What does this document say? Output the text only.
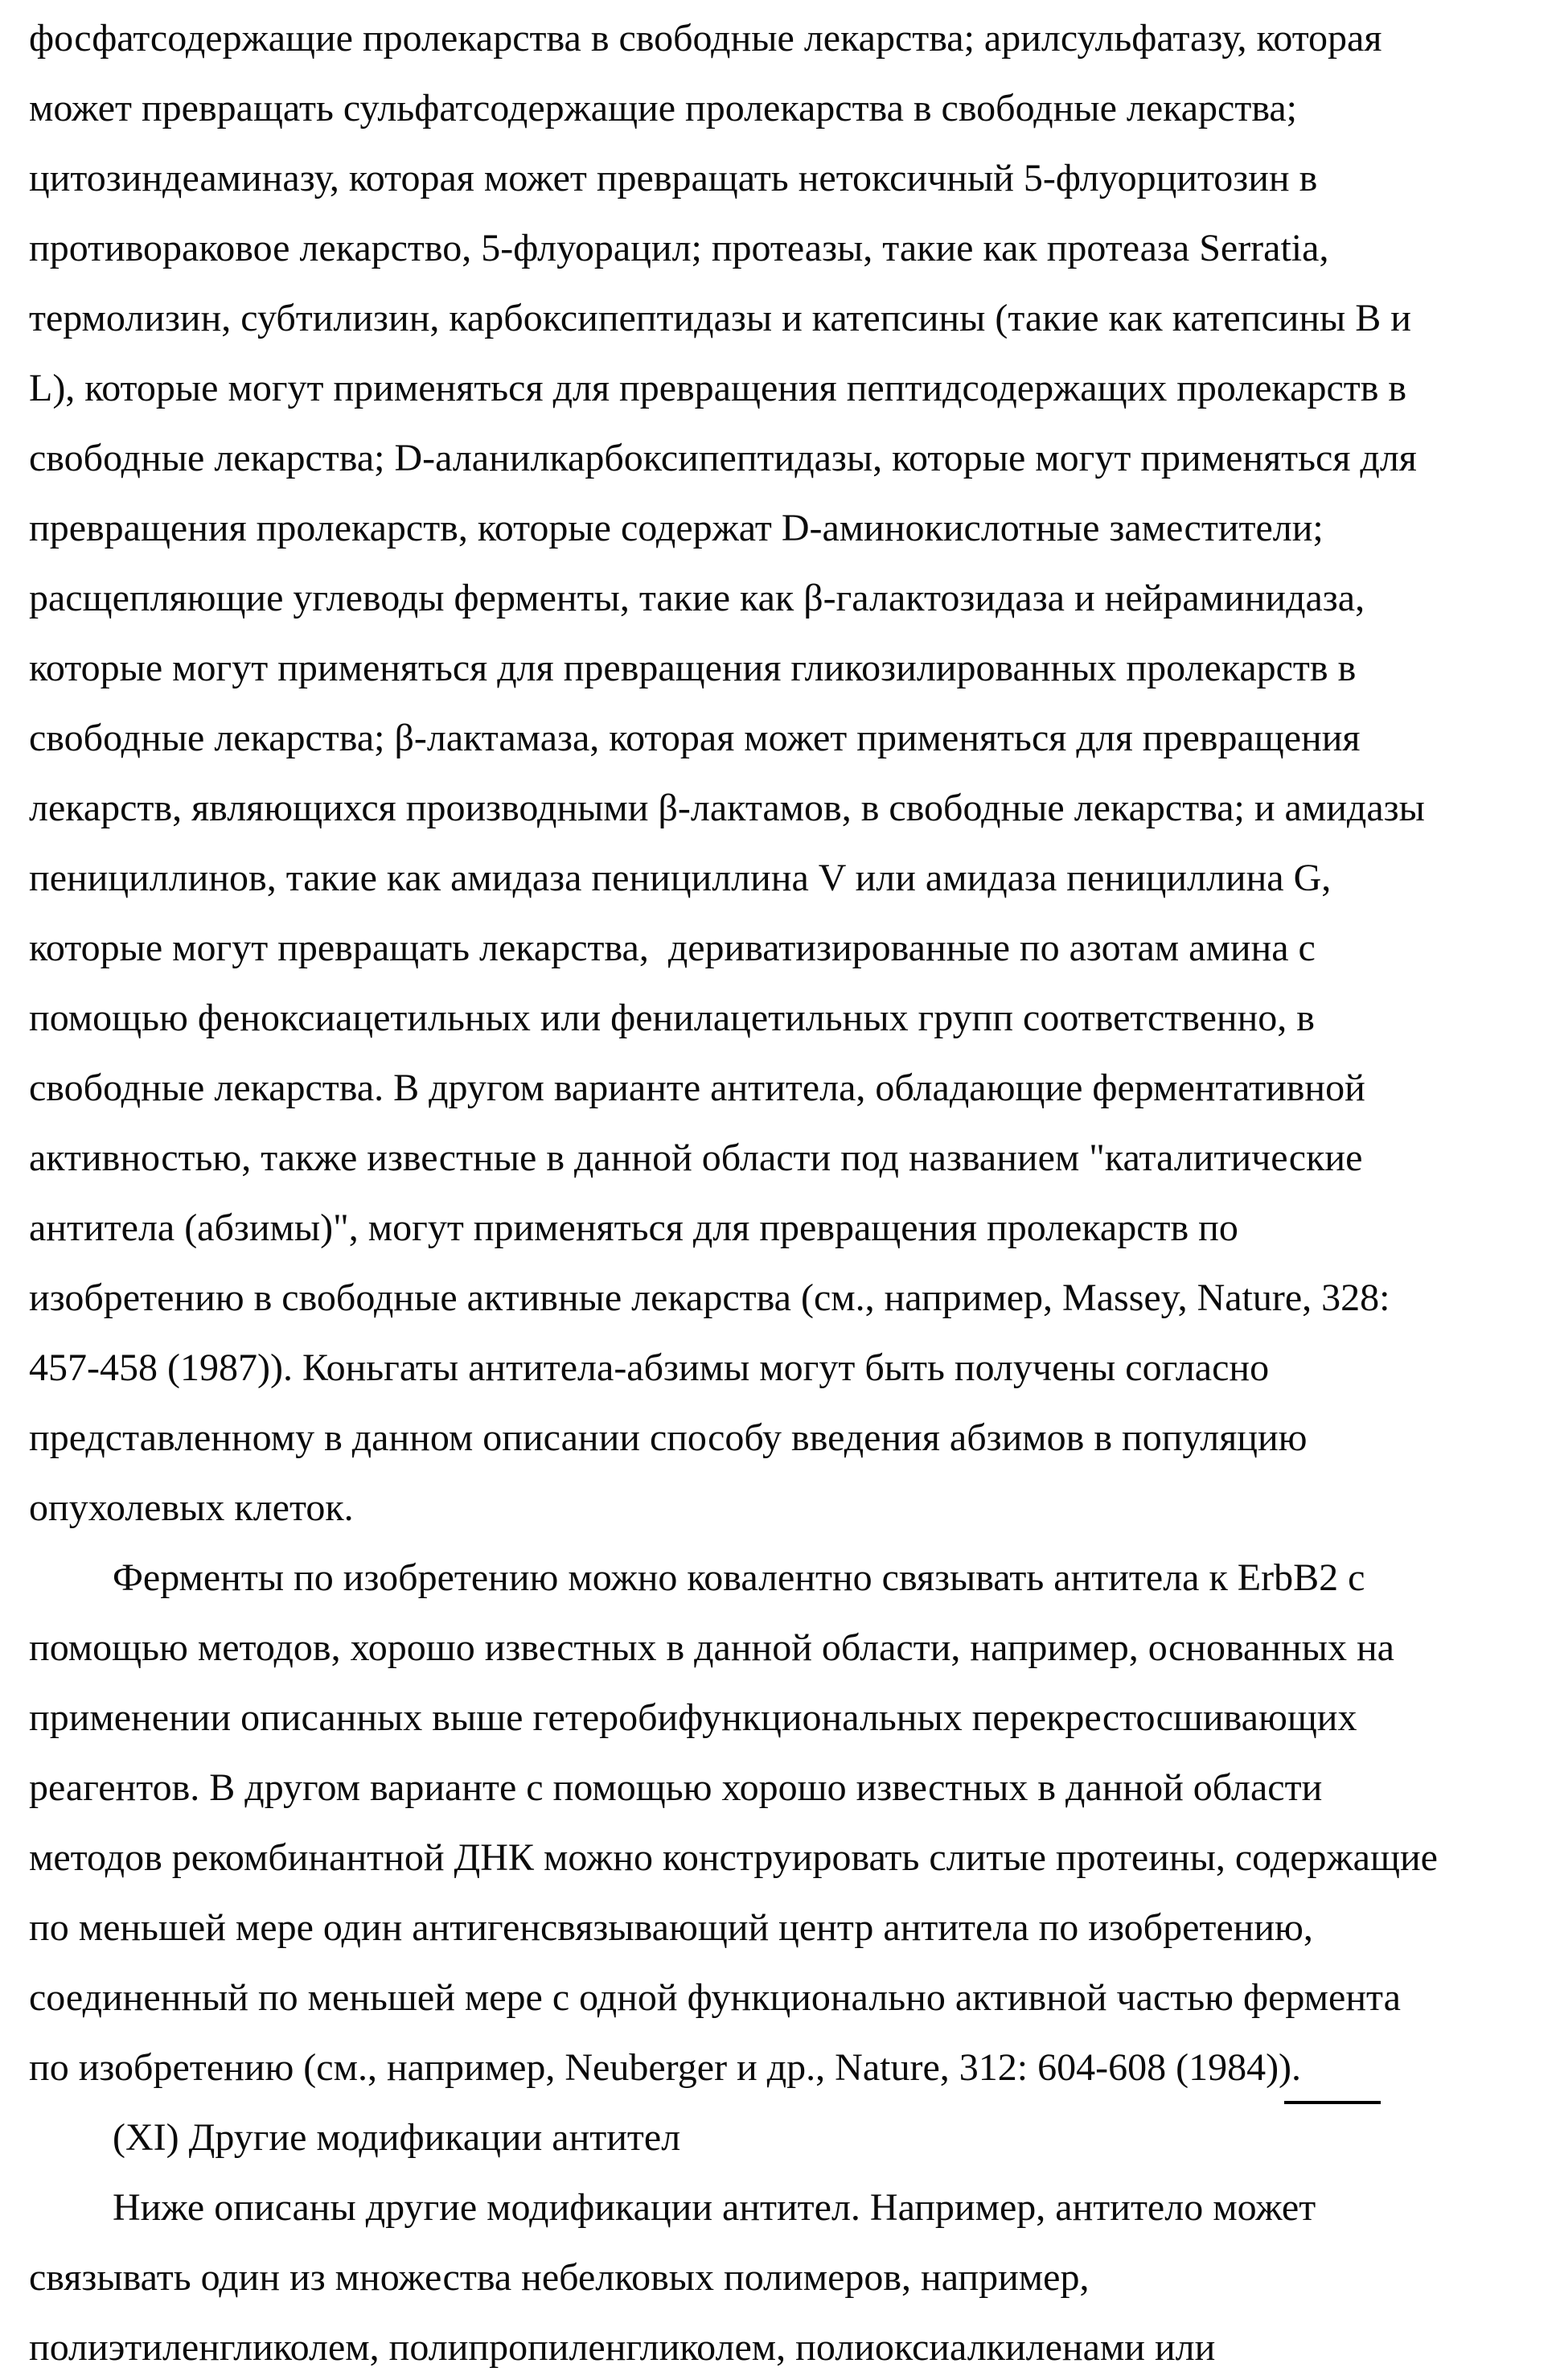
фосфатсодержащие пролекарства в свободные лекарства; арилсульфатазу, которая
может превращать сульфатсодержащие пролекарства в свободные лекарства;
цитозиндеаминазу, которая может превращать нетоксичный 5-флуорцитозин в
противораковое лекарство, 5-флуорацил; протеазы, такие как протеаза Serratia,
термолизин, субтилизин, карбоксипептидазы и катепсины (такие как катепсины B и
L), которые могут применяться для превращения пептидсодержащих пролекарств в
свободные лекарства; D-аланилкарбоксипептидазы, которые могут применяться для
превращения пролекарств, которые содержат D-аминокислотные заместители;
расщепляющие углеводы ферменты, такие как β-галактозидаза и нейраминидаза,
которые могут применяться для превращения гликозилированных пролекарств в
свободные лекарства; β-лактамаза, которая может применяться для превращения
лекарств, являющихся производными β-лактамов, в свободные лекарства; и амидазы
пенициллинов, такие как амидаза пенициллина V или амидаза пенициллина G,
которые могут превращать лекарства,  дериватизированные по азотам амина с
помощью феноксиацетильных или фенилацетильных групп соответственно, в
свободные лекарства. В другом варианте антитела, обладающие ферментативной
активностью, также известные в данной области под названием "каталитические
антитела (абзимы)", могут применяться для превращения пролекарств по
изобретению в свободные активные лекарства (см., например, Massey, Nature, 328:
457-458 (1987)). Коньгаты антитела-абзимы могут быть получены согласно
представленному в данном описании способу введения абзимов в популяцию
опухолевых клеток.
Ферменты по изобретению можно ковалентно связывать антитела к ErbB2 с
помощью методов, хорошо известных в данной области, например, основанных на
применении описанных выше гетеробифункциональных перекрестосшивающих
реагентов. В другом варианте с помощью хорошо известных в данной области
методов рекомбинантной ДНК можно конструировать слитые протеины, содержащие
по меньшей мере один антигенсвязывающий центр антитела по изобретению,
соединенный по меньшей мере с одной функционально активной частью фермента
по изобретению (см., например, Neuberger и др., Nature, 312: 604-608 (1984)).
(XI) Другие модификации антител
Ниже описаны другие модификации антител. Например, антитело может
связывать один из множества небелковых полимеров, например,
полиэтиленгликолем, полипропиленгликолем, полиоксиалкиленами или
